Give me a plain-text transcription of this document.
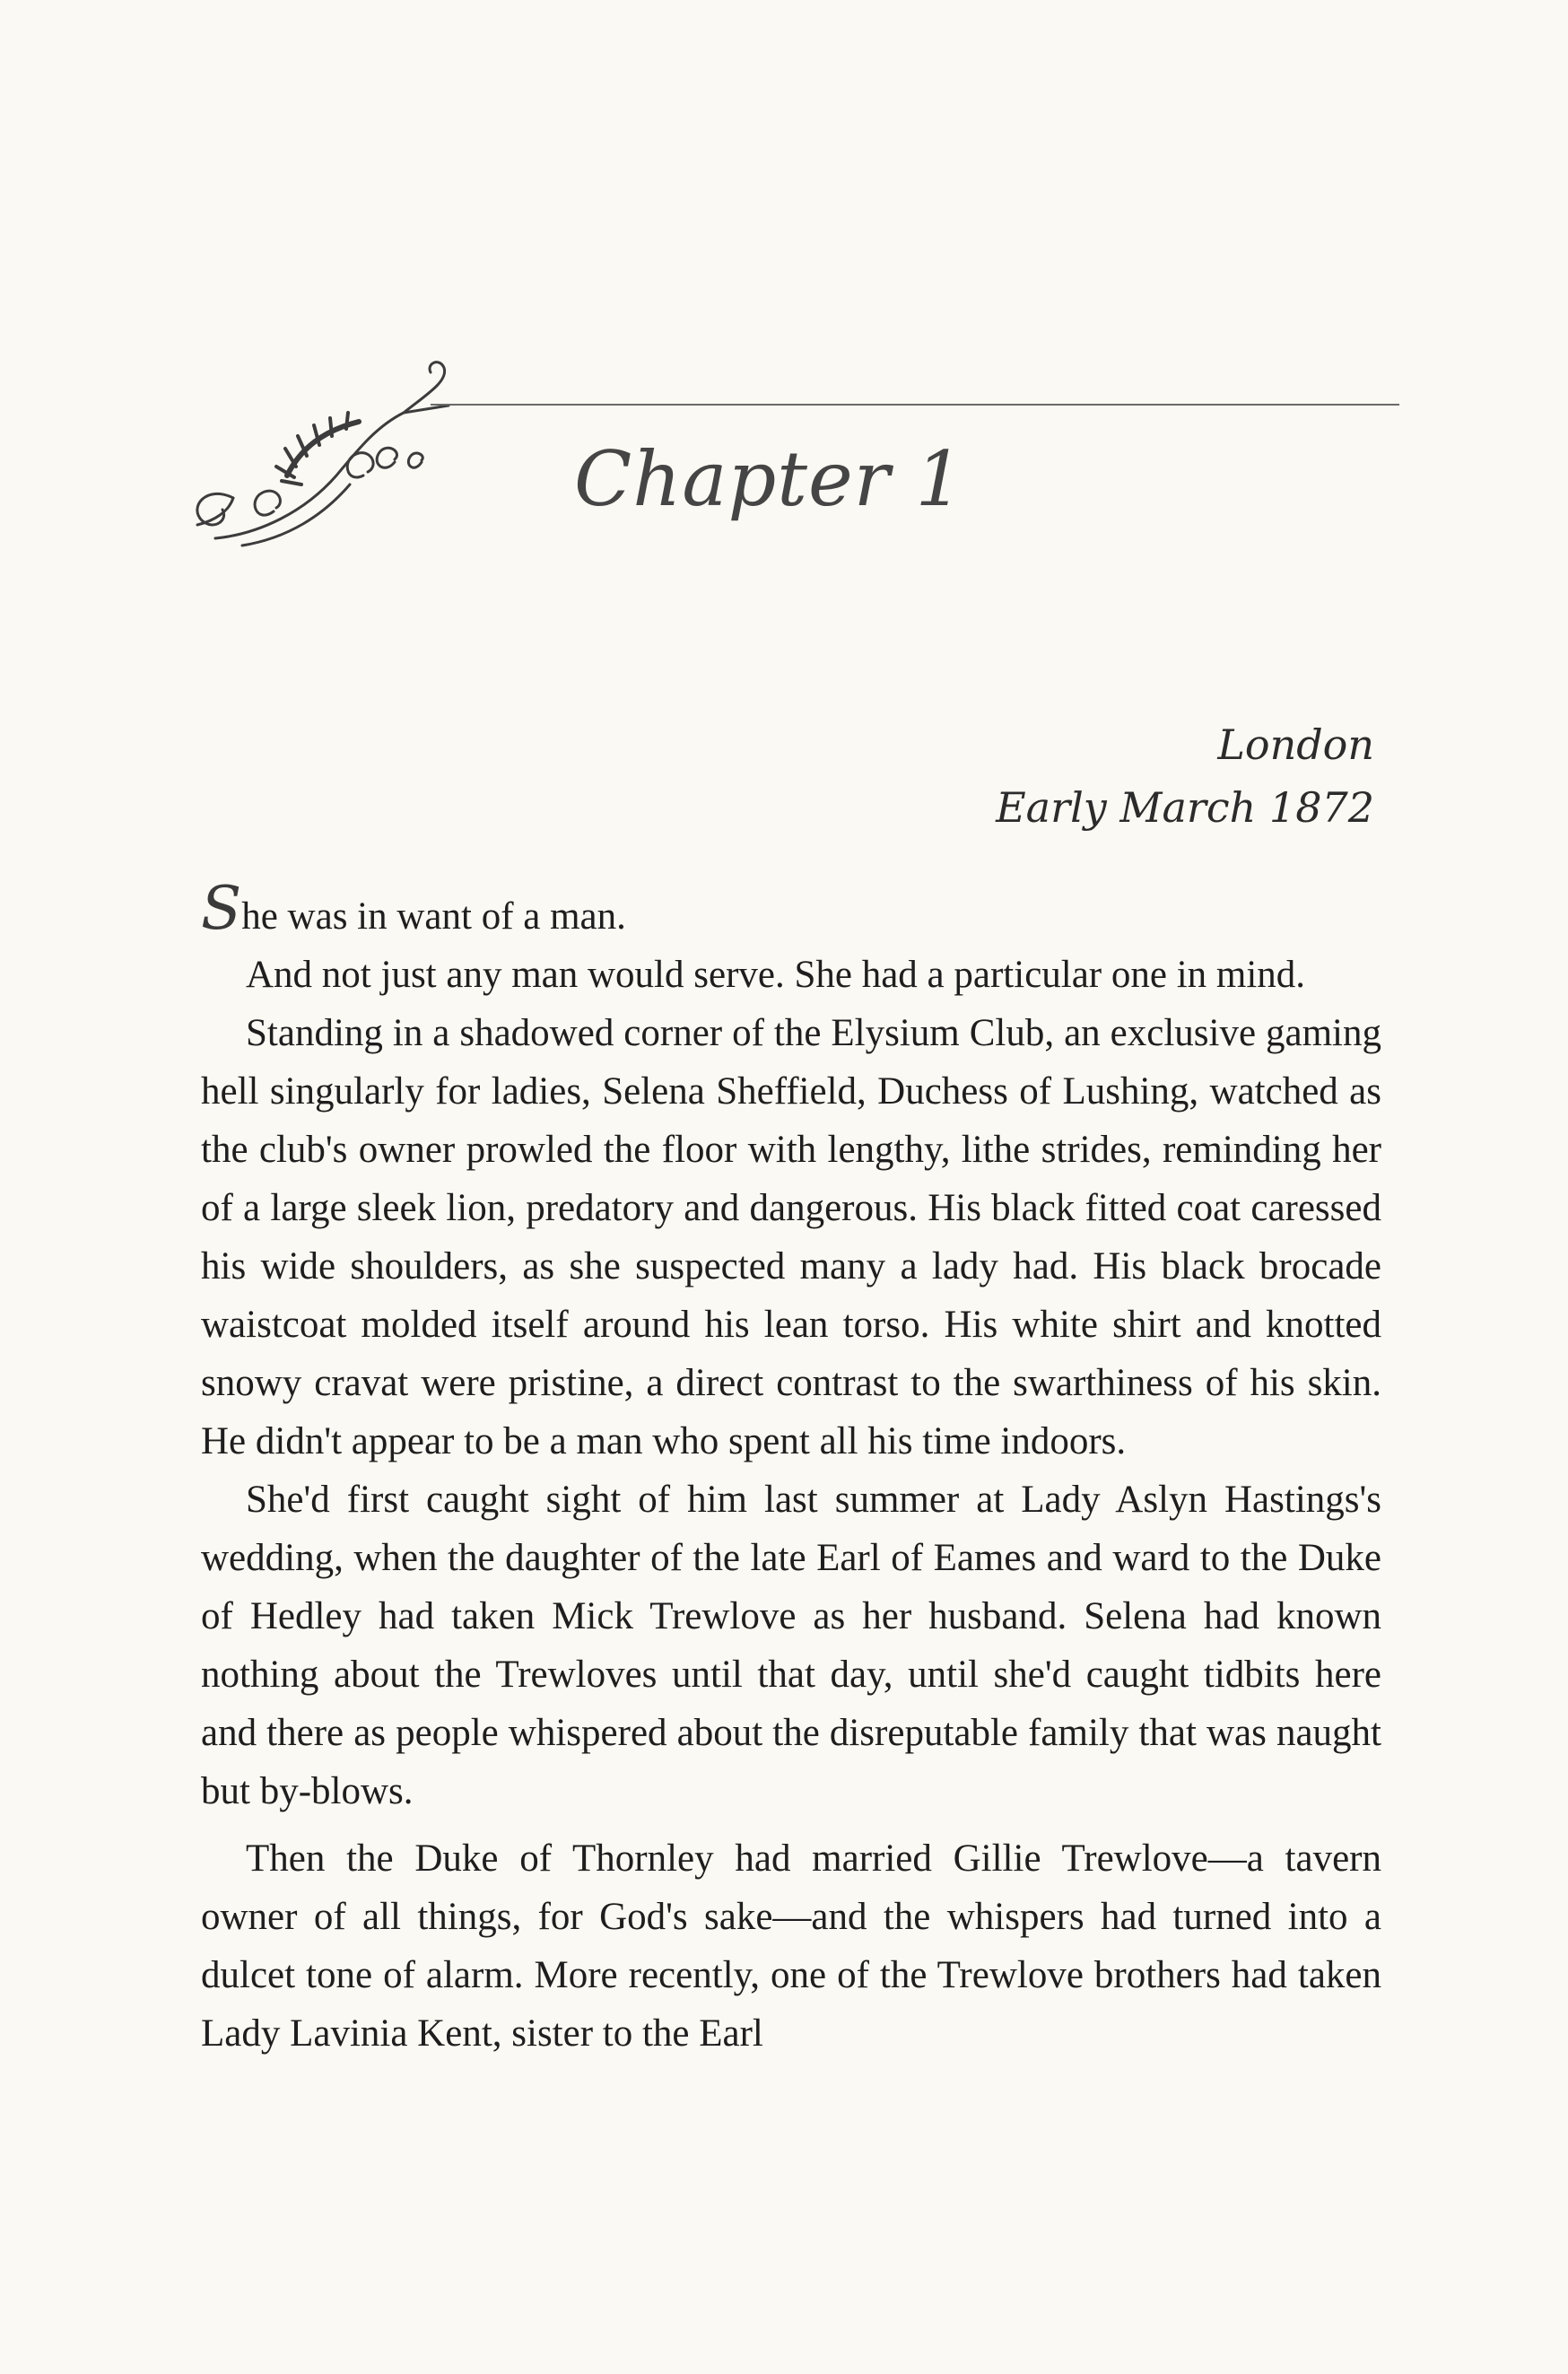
Chapter 1
London
Early March 1872

She was in want of a man.

And not just any man would serve. She had a particular one in mind.

Standing in a shadowed corner of the Elysium Club, an exclusive gaming hell singularly for ladies, Selena Sheffield, Duchess of Lushing, watched as the club's owner prowled the floor with lengthy, lithe strides, reminding her of a large sleek lion, predatory and dangerous. His black fitted coat caressed his wide shoulders, as she suspected many a lady had. His black brocade waistcoat molded itself around his lean torso. His white shirt and knotted snowy cravat were pristine, a direct contrast to the swarthiness of his skin. He didn't appear to be a man who spent all his time indoors.

She'd first caught sight of him last summer at Lady Aslyn Hastings's wedding, when the daughter of the late Earl of Eames and ward to the Duke of Hedley had taken Mick Trewlove as her husband. Selena had known nothing about the Trewloves until that day, until she'd caught tidbits here and there as people whispered about the disreputable family that was naught but by-blows.

Then the Duke of Thornley had married Gillie Trewlove—a tavern owner of all things, for God's sake—and the whispers had turned into a dulcet tone of alarm. More recently, one of the Trewlove brothers had taken Lady Lavinia Kent, sister to the Earl
